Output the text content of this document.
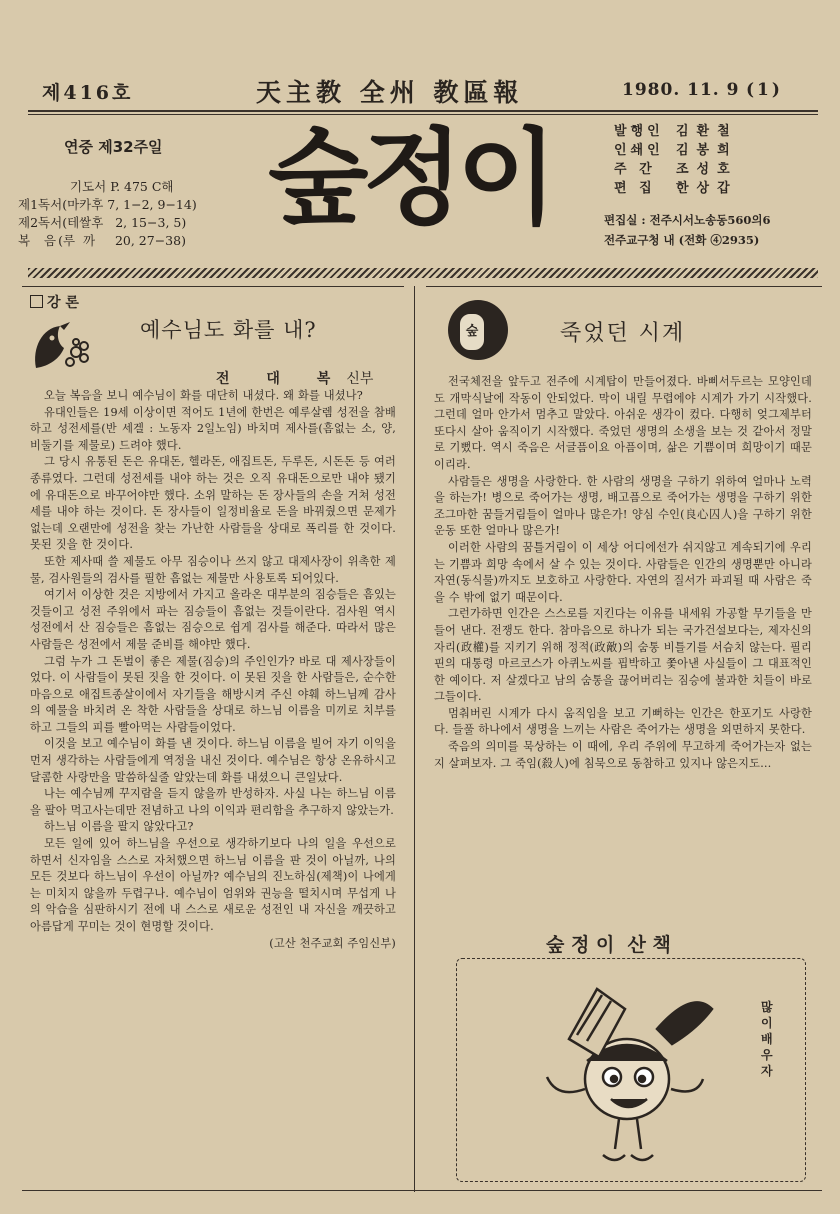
제416호	天主教 全州 教區報	1980. 11. 9 (1)
연중 제32주일
기도서 P. 475 C해
제1독서(마카후 7, 1−2, 9−14)
제2독서(테쌀후   2, 15−3, 5)
복  음(루  까     20, 27−38)
숲정이	발행인 김환철
인쇄인 김봉희
주 간	조성호
편 집	한상갑
편집실 : 전주시서노송동560의6
전주교구청 내 (전화 ④2935)
강 론
예수님도 화를 내?
전 대 복신부

오늘 복음을 보니 예수님이 화를 대단히 내셨다. 왜 화를 내셨나?

유대인들은 19세 이상이면 적어도 1년에 한번은 예루살렘 성전을 참배하고 성전세를(반 세겔 : 노동자 2일노임) 바치며 제사를(흠없는 소, 양, 비둘기를 제물로) 드려야 했다.

그 당시 유통된 돈은 유대돈, 헬라돈, 애집트돈, 두루돈, 시돈돈 등 여러 종류였다. 그런데 성전세를 내야 하는 것은 오직 유대돈으로만 내야 됐기에 유대돈으로 바꾸어야만 했다. 소위 말하는 돈 장사들의 손을 거쳐 성전세를 내야 하는 것이다. 돈 장사들이 일정비율로 돈을 바꿔줬으면 문제가 없는데 오랜만에 성전을 찾는 가난한 사람들을 상대로 폭리를 한 것이다. 못된 짓을 한 것이다.

또한 제사때 쓸 제물도 아무 짐승이나 쓰지 않고 대제사장이 위촉한 제물, 검사원들의 검사를 필한 흠없는 제물만 사용토록 되어있다.

여기서 이상한 것은 지방에서 가지고 올라온 대부분의 짐승들은 흠있는 것들이고 성전 주위에서 파는 짐승들이 흠없는 것들이란다. 검사원 역시 성전에서 산 짐승들은 흠없는 짐승으로 쉽게 검사를 해준다. 따라서 많은 사람들은 성전에서 제물 준비를 해야만 했다.

그럼 누가 그 돈벌이 좋은 제물(짐승)의 주인인가? 바로 대 제사장들이었다. 이 사람들이 못된 짓을 한 것이다. 이 못된 짓을 한 사람들은, 순수한 마음으로 애집트종살이에서 자기들을 해방시켜 주신 야훼 하느님께 감사의 예물을 바치려 온 착한 사람들을 상대로 하느님 이름을 미끼로 치부를 하고 그들의 피를 빨아먹는 사람들이었다.

이것을 보고 예수님이 화를 낸 것이다. 하느님 이름을 빌어 자기 이익을 먼저 생각하는 사람들에게 역정을 내신 것이다. 예수님은 항상 온유하시고 달콤한 사랑만을 말씀하실줄 알았는데 화를 내셨으니 큰일났다.

나는 예수님께 꾸지람을 듣지 않을까 반성하자. 사실 나는 하느님 이름을 팔아 먹고사는데만 전념하고 나의 이익과 편리함을 추구하지 않았는가.

하느님 이름을 팔지 않았다고?

모든 일에 있어 하느님을 우선으로 생각하기보다 나의 일을 우선으로 하면서 신자임을 스스로 자처했으면 하느님 이름을 판 것이 아닐까, 나의 모든 것보다 하느님이 우선이 아닐까? 예수님의 진노하심(제책)이 나에게는 미치지 않을까 두렵구나. 예수님이 엄위와 권능을 떨치시며 무섭게 나의 악습을 심판하시기 전에 내 스스로 새로운 성전인 내 자신을 깨끗하고 아름답게 꾸미는 것이 현명할 것이다.

(고산 천주교회 주임신부)

숲	죽었던 시계

전국체전을 앞두고 전주에 시계탑이 만들어졌다. 바삐서두르는 모양인데도 개막식날에 작동이 안되었다. 막이 내릴 무렵에야 시계가 가기 시작했다. 그런데 얼마 안가서 멈추고 말았다. 아쉬운 생각이 컸다. 다행히 엊그제부터 또다시 살아 움직이기 시작했다. 죽었던 생명의 소생을 보는 것 같아서 정말로 기뻤다. 역시 죽음은 서글픔이요 아픔이며, 삶은 기쁨이며 희망이기 때문이리라.

사람들은 생명을 사랑한다. 한 사람의 생명을 구하기 위하여 얼마나 노력을 하는가! 병으로 죽어가는 생명, 배고픔으로 죽어가는 생명을 구하기 위한 조그마한 꿈들거림들이 얼마나 많은가! 양심 수인(良心囚人)을 구하기 위한 운동 또한 얼마나 많은가!

이러한 사람의 꿈틀거림이 이 세상 어디에선가 쉬지않고 계속되기에 우리는 기쁨과 희망 속에서 살 수 있는 것이다. 사람들은 인간의 생명뿐만 아니라 자연(동식물)까지도 보호하고 사랑한다. 자연의 질서가 파괴될 때 사람은 죽을 수 밖에 없기 때문이다.

그런가하면 인간은 스스로를 지킨다는 이유를 내세워 가공할 무기들을 만들어 낸다. 전쟁도 한다. 참마음으로 하나가 되는 국가건설보다는, 제자신의 자리(政權)를 지키기 위해 정적(政敵)의 숨통 비틀기를 서슴치 않는다. 필리핀의 대통령 마르코스가 아퀴노씨를 핍박하고 쫓아낸 사실들이 그 대표적인 한 예이다. 저 살겠다고 남의 숨통을 끊어버리는 짐승에 불과한 치들이 바로 그들이다.

멈춰버린 시계가 다시 움직임을 보고 기뻐하는 인간은 한포기도 사랑한다. 들풀 하나에서 생명을 느끼는 사람은 죽어가는 생명을 외면하지 못한다.

죽음의 의미를 묵상하는 이 때에, 우리 주위에 무고하게 죽어가는자 없는지 살펴보자. 그 죽임(殺人)에 침묵으로 동참하고 있지나 않은지도…

숲 정 이  산 책
많이 배우자
